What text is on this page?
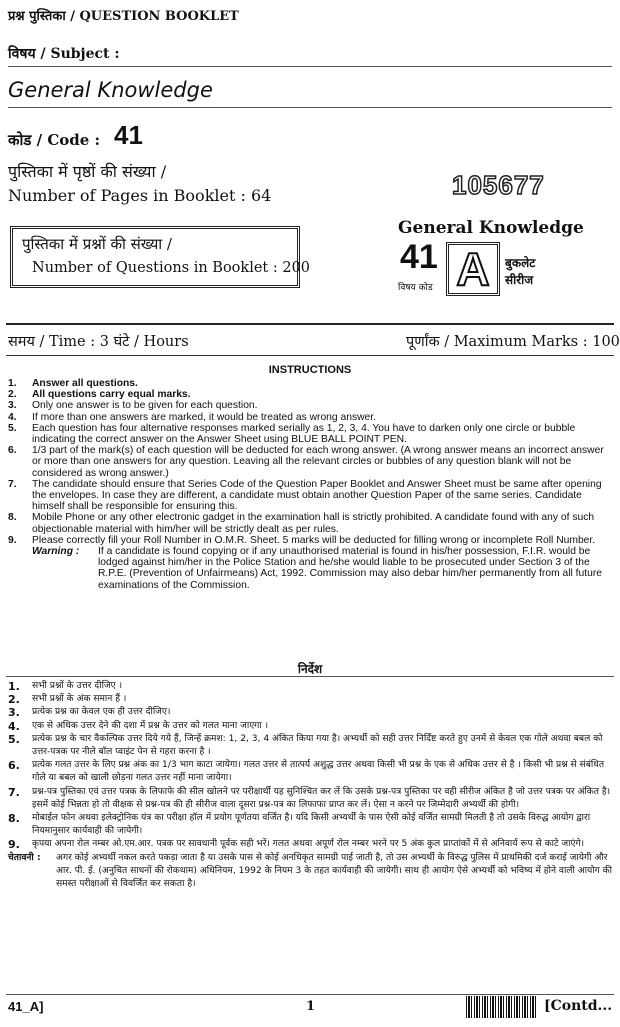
प्रश्न पुस्तिका / QUESTION BOOKLET
विषय / Subject :
General Knowledge
कोड / Code : 41
पुस्तिका में पृष्ठों की संख्या /
Number of Pages in Booklet : 64	105677
पुस्तिका में प्रश्नों की संख्या /
Number of Questions in Booklet : 200
General Knowledge
41
विषय कोड A	बुकलेट
सीरीज
समय / Time : 3 घंटे / Hours	पूर्णांक / Maximum Marks : 100
INSTRUCTIONS
1.	Answer all questions.
2.	All questions carry equal marks.
3.	Only one answer is to be given for each question.
4.	If more than one answers are marked, it would be treated as wrong answer.
5.	Each question has four alternative responses marked serially as 1, 2, 3, 4. You have to darken only one circle or bubble indicating the correct answer on the Answer Sheet using BLUE BALL POINT PEN.
6.	1/3 part of the mark(s) of each question will be deducted for each wrong answer. (A wrong answer means an incorrect answer or more than one answers for any question. Leaving all the relevant circles or bubbles of any question blank will not be considered as wrong answer.)
7.	The candidate should ensure that Series Code of the Question Paper Booklet and Answer Sheet must be same after opening the envelopes. In case they are different, a candidate must obtain another Question Paper of the same series. Candidate himself shall be responsible for ensuring this.
8.	Mobile Phone or any other electronic gadget in the examination hall is strictly prohibited. A candidate found with any of such objectionable material with him/her will be strictly dealt as per rules.
9.	Please correctly fill your Roll Number in O.M.R. Sheet. 5 marks will be deducted for filling wrong or incomplete Roll Number.
Warning :	If a candidate is found copying or if any unauthorised material is found in his/her possession, F.I.R. would be lodged against him/her in the Police Station and he/she would liable to be prosecuted under Section 3 of the R.P.E. (Prevention of Unfairmeans) Act, 1992. Commission may also debar him/her permanently from all future examinations of the Commission.
निर्देश
1.	सभी प्रश्नों के उत्तर दीजिए ।
2.	सभी प्रश्नों के अंक समान हैं ।
3.	प्रत्येक प्रश्न का केवल एक ही उत्तर दीजिए।
4.	एक से अधिक उत्तर देने की दशा में प्रश्न के उत्तर को गलत माना जाएगा ।
5.	प्रत्येक प्रश्न के चार वैकल्पिक उत्तर दिये गये हैं, जिन्हें क्रमश: 1, 2, 3, 4 अंकित किया गया है। अभ्यर्थी को सही उत्तर निर्दिष्ट करते हुए उनमें से केवल एक गोले अथवा बबल को उत्तर-पत्रक पर नीले बॉल प्वाइंट पेन से गहरा करना है ।
6.	प्रत्येक गलत उत्तर के लिए प्रश्न अंक का 1/3 भाग काटा जायेगा। गलत उत्तर से तात्पर्य अशुद्ध उत्तर अथवा किसी भी प्रश्न के एक से अधिक उत्तर से है । किसी भी प्रश्न से संबंधित गोले या बबल को खाली छोड़ना गलत उत्तर नहीं माना जायेगा।
7.	प्रश्न-पत्र पुस्तिका एवं उत्तर पत्रक के लिफाफे की सील खोलने पर परीक्षार्थी यह सुनिश्चित कर लें कि उसके प्रश्न-पत्र पुस्तिका पर वही सीरीज अंकित है जो उत्तर पत्रक पर अंकित है। इसमें कोई भिन्नता हो तो वीक्षक से प्रश्न-पत्र की ही सीरीज वाला दूसरा प्रश्न-पत्र का लिफाफा प्राप्त कर लें। ऐसा न करने पर जिम्मेदारी अभ्यर्थी की होगी।
8.	मोबाईल फोन अथवा इलेक्ट्रोनिक यंत्र का परीक्षा हॉल में प्रयोग पूर्णतया वर्जित है। यदि किसी अभ्यर्थी के पास ऐसी कोई वर्जित सामग्री मिलती है तो उसके विरुद्ध आयोग द्वारा नियमानुसार कार्यवाही की जायेगी।
9.	कृपया अपना रोल नम्बर ओ.एम.आर. पत्रक पर सावधानी पूर्वक सही भरें। गलत अथवा अपूर्ण रोल नम्बर भरने पर 5 अंक कुल प्राप्तांकों में से अनिवार्य रूप से काटे जाएंगे।
चेतावनी :	अगर कोई अभ्यर्थी नकल करते पकड़ा जाता है या उसके पास से कोई अनधिकृत सामग्री पाई जाती है, तो उस अभ्यर्थी के विरुद्ध पुलिस में प्राथमिकी दर्ज कराई जायेगी और आर. पी. ई. (अनुचित साधनों की रोकथाम) अधिनियम, 1992 के नियम 3 के तहत कार्यवाही की जायेगी। साथ ही आयोग ऐसे अभ्यर्थी को भविष्य में होने वाली आयोग की समस्त परीक्षाओं से विवर्जित कर सकता है।
41_A]	1	[Contd...
